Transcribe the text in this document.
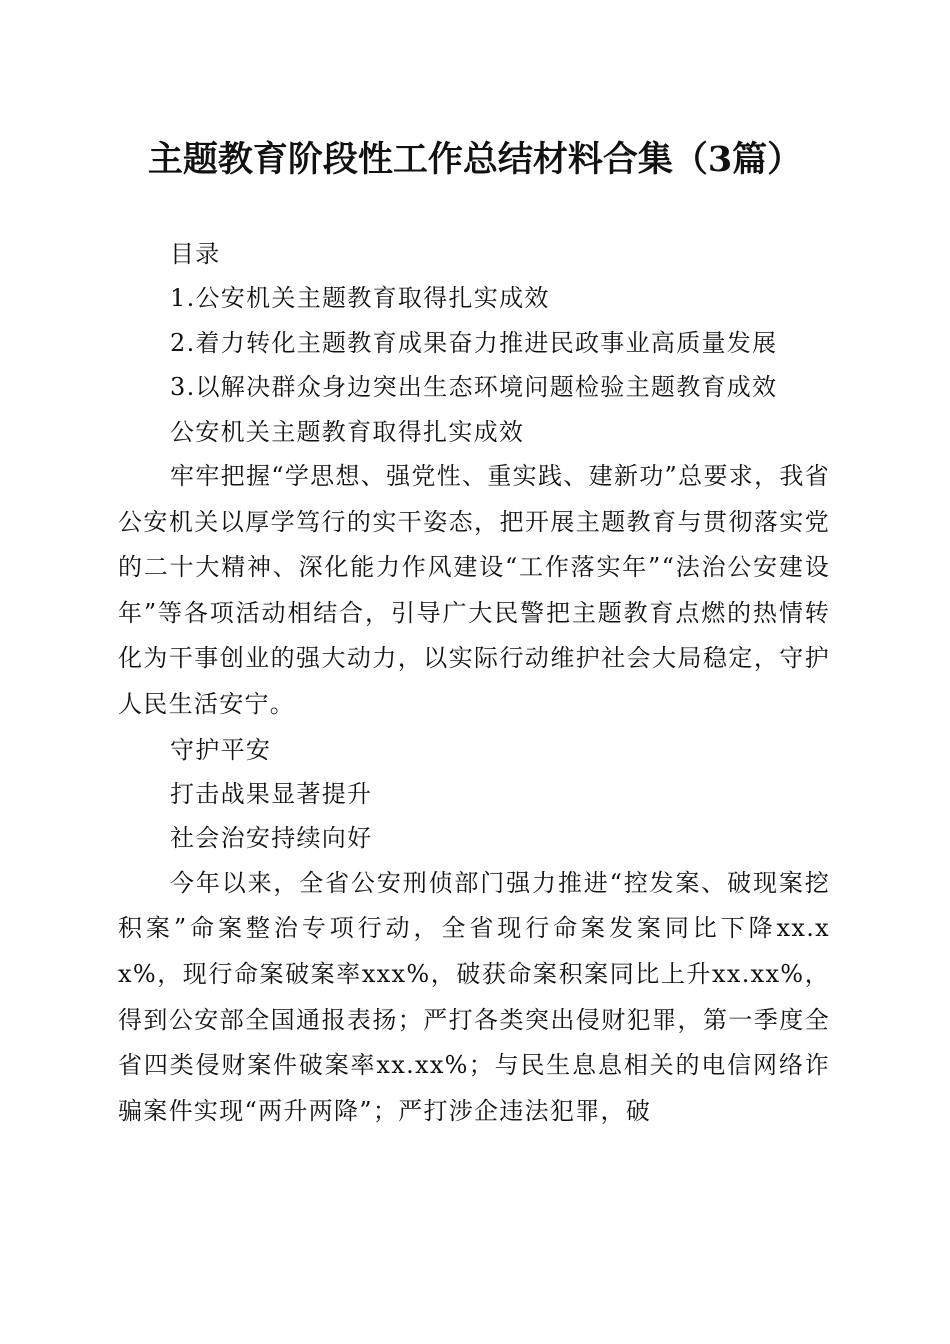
主题教育阶段性工作总结材料合集（3篇）

目录

1.公安机关主题教育取得扎实成效

2.着力转化主题教育成果奋力推进民政事业高质量发展

3.以解决群众身边突出生态环境问题检验主题教育成效

公安机关主题教育取得扎实成效

牢牢把握“学思想、强党性、重实践、建新功”总要求，我省公安机关以厚学笃行的实干姿态，把开展主题教育与贯彻落实党的二十大精神、深化能力作风建设“工作落实年”“法治公安建设年”等各项活动相结合，引导广大民警把主题教育点燃的热情转化为干事创业的强大动力，以实际行动维护社会大局稳定，守护人民生活安宁。

守护平安

打击战果显著提升

社会治安持续向好

今年以来，全省公安刑侦部门强力推进“控发案、破现案挖积案”命案整治专项行动，全省现行命案发案同比下降xx.xx%，现行命案破案率xxx%，破获命案积案同比上升xx.xx%，得到公安部全国通报表扬；严打各类突出侵财犯罪，第一季度全省四类侵财案件破案率xx.xx%；与民生息息相关的电信网络诈骗案件实现“两升两降”；严打涉企违法犯罪，破
